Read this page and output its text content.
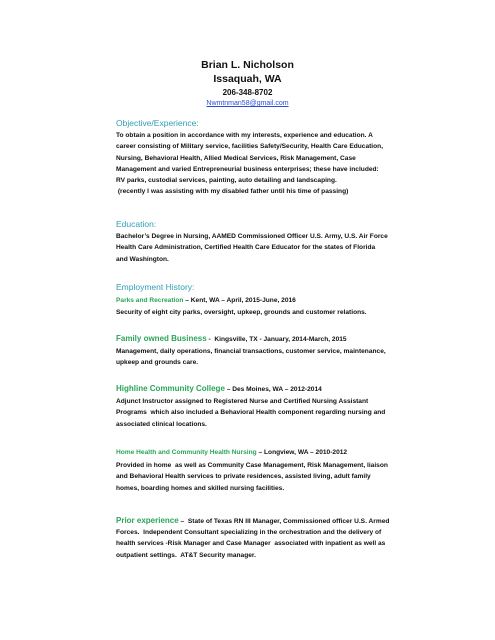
Brian L. Nicholson
Issaquah, WA
206-348-8702
Nwmtnman58@gmail.com
Objective/Experience:
To obtain a position in accordance with my interests, experience and education. A
career consisting of Military service, facilities Safety/Security, Health Care Education,
Nursing, Behavioral Health, Allied Medical Services, Risk Management, Case
Management and varied Entrepreneurial business enterprises; these have included:
RV parks, custodial services, painting, auto detailing and landscaping.
(recently I was assisting with my disabled father until his time of passing)
Education:
Bachelor’s Degree in Nursing, AAMED Commissioned Officer U.S. Army, U.S. Air Force
Health Care Administration, Certified Health Care Educator for the states of Florida
and Washington.
Employment History:
Parks and Recreation – Kent, WA – April, 2015-June, 2016
Security of eight city parks, oversight, upkeep, grounds and customer relations.
Family owned Business -  Kingsville, TX - January, 2014-March, 2015
Management, daily operations, financial transactions, customer service, maintenance,
upkeep and grounds care.
Highline Community College – Des Moines, WA – 2012-2014
Adjunct Instructor assigned to Registered Nurse and Certified Nursing Assistant
Programs  which also included a Behavioral Health component regarding nursing and
associated clinical locations.
Home Health and Community Health Nursing – Longview, WA – 2010-2012
Provided in home  as well as Community Case Management, Risk Management, liaison
and Behavioral Health services to private residences, assisted living, adult family
homes, boarding homes and skilled nursing facilities.
Prior experience –  State of Texas RN III Manager, Commissioned officer U.S. Armed
Forces.  Independent Consultant specializing in the orchestration and the delivery of
health services -Risk Manager and Case Manager  associated with inpatient as well as
outpatient settings.  AT&T Security manager.
